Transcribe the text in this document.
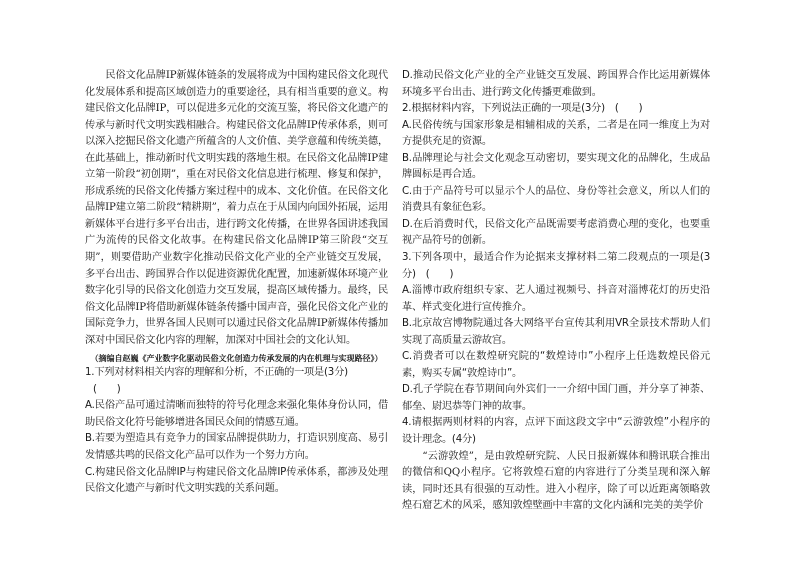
民俗文化品牌IP新媒体链条的发展将成为中国构建民俗文化现代化发展体系和提高区域创造力的重要途径，具有相当重要的意义。构建民俗文化品牌IP，可以促进多元化的交流互鉴，将民俗文化遗产的传承与新时代文明实践相融合。构建民俗文化品牌IP传承体系，则可以深入挖掘民俗文化遗产所蕴含的人文价值、美学意蕴和传统美德，在此基础上，推动新时代文明实践的落地生根。在民俗文化品牌IP建立第一阶段“初创期”，重在对民俗文化信息进行梳理、修复和保护，形成系统的民俗文化传播方案过程中的成本、文化价值。在民俗文化品牌IP建立第二阶段“精耕期”，着力点在于从国内向国外拓展，运用新媒体平台进行多平台出击，进行跨文化传播，在世界各国讲述我国广为流传的民俗文化故事。在构建民俗文化品牌IP第三阶段“交互期”，则要借助产业数字化推动民俗文化产业的全产业链交互发展，多平台出击、跨国界合作以促进资源优化配置，加速新媒体环境产业数字化引导的民俗文化创造力交互发展，提高区域传播力。最终，民俗文化品牌IP将借助新媒体链条传播中国声音，强化民俗文化产业的国际竞争力，世界各国人民则可以通过民俗文化品牌IP新媒体传播加深对中国民俗文化内容的理解，加深对中国社会的文化认知。

（摘编自赵巍《产业数字化驱动民俗文化创造力传承发展的内在机理与实现路径》）

1.下列对材料相关内容的理解和分析，不正确的一项是(3分)

(　　)

A.民俗产品可通过清晰而独特的符号化理念来强化集体身份认同，借助民俗文化符号能够增进各国民众间的情感互通。

B.若要为塑造具有竞争力的国家品牌提供助力，打造识别度高、易引发情感共鸣的民俗文化产品可以作为一个努力方向。

C.构建民俗文化品牌IP与构建民俗文化品牌IP传承体系，都涉及处理民俗文化遗产与新时代文明实践的关系问题。

D.推动民俗文化产业的全产业链交互发展、跨国界合作比运用新媒体环境多平台出击、进行跨文化传播更难做到。

2.根据材料内容，下列说法正确的一项是(3分)　(　　)

A.民俗传统与国家形象是相辅相成的关系，二者是在同一维度上为对方提供充足的资源。

B.品牌理论与社会文化观念互动密切，要实现文化的品牌化，生成品牌圆标是再合适。

C.由于产品符号可以显示个人的品位、身份等社会意义，所以人们的消费具有象征色彩。

D.在后消费时代，民俗文化产品既需要考虑消费心理的变化，也要重视产品符号的创新。

3.下列各项中，最适合作为论据来支撑材料二第二段观点的一项是(3分)　(　　)

A.淄博市政府组织专家、艺人通过视频号、抖音对淄博花灯的历史沿革、样式变化进行宣传推介。

B.北京故宫博物院通过各大网络平台宣传其利用VR全景技术帮助人们实现了高质量云游故宫。

C.消费者可以在数煌研究院的“数煌诗巾”小程序上任选数煌民俗元素，购买专属“敦煌诗巾”。

D.孔子学院在春节期间向外宾们一一介绍中国门画，并分享了神荼、郁垒、尉迟恭等门神的故事。

4.请根据两则材料的内容，点评下面这段文字中“云游敦煌”小程序的设计理念。(4分)

“云游敦煌”，是由敦煌研究院、人民日报新媒体和腾讯联合推出的微信和QQ小程序。它将敦煌石窟的内容进行了分类呈现和深入解读，同时还具有很强的互动性。进入小程序，除了可以近距离领略敦煌石窟艺术的风采，感知敦煌壁画中丰富的文化内涵和完美的美学价
